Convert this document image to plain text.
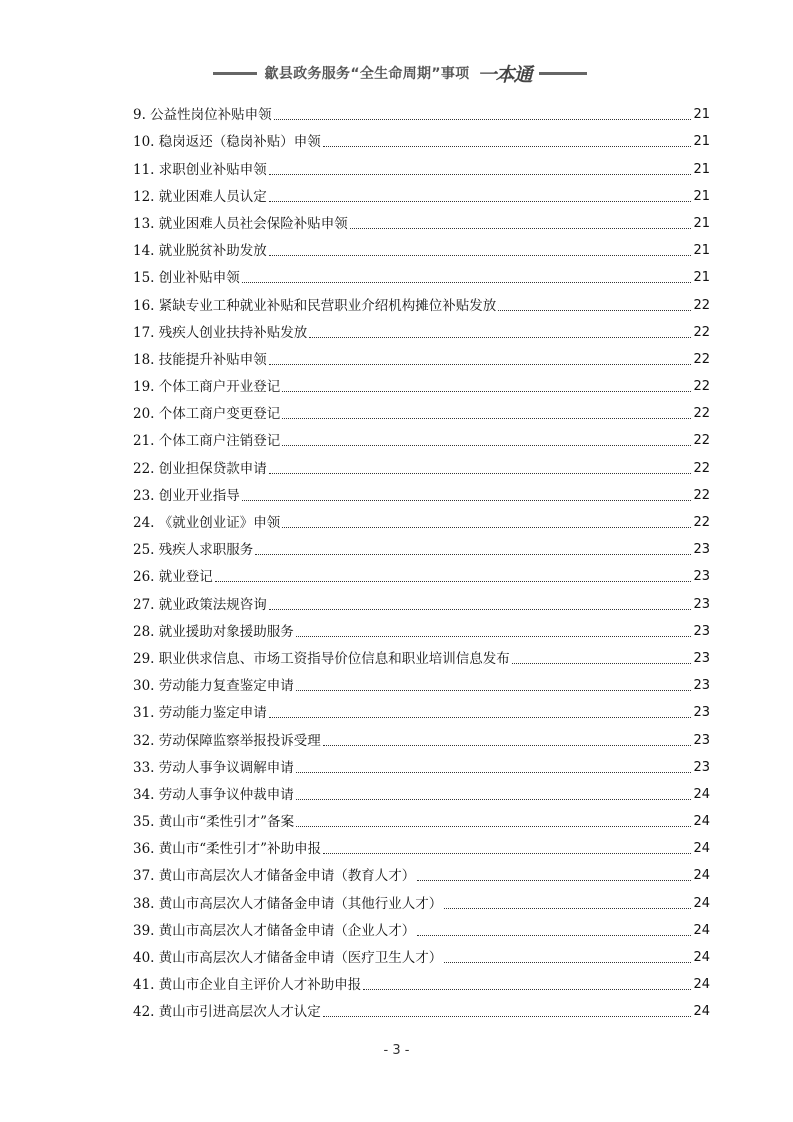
歙县政务服务“全生命周期”事项 一本通
9. 公益性岗位补贴申领	21
10. 稳岗返还（稳岗补贴）申领	21
11. 求职创业补贴申领	21
12. 就业困难人员认定	21
13. 就业困难人员社会保险补贴申领	21
14. 就业脱贫补助发放	21
15. 创业补贴申领	21
16. 紧缺专业工种就业补贴和民营职业介绍机构摊位补贴发放	22
17. 残疾人创业扶持补贴发放	22
18. 技能提升补贴申领	22
19. 个体工商户开业登记	22
20. 个体工商户变更登记	22
21. 个体工商户注销登记	22
22. 创业担保贷款申请	22
23. 创业开业指导	22
24. 《就业创业证》申领	22
25. 残疾人求职服务	23
26. 就业登记	23
27. 就业政策法规咨询	23
28. 就业援助对象援助服务	23
29. 职业供求信息、市场工资指导价位信息和职业培训信息发布	23
30. 劳动能力复查鉴定申请	23
31. 劳动能力鉴定申请	23
32. 劳动保障监察举报投诉受理	23
33. 劳动人事争议调解申请	23
34. 劳动人事争议仲裁申请	24
35. 黄山市“柔性引才”备案	24
36. 黄山市“柔性引才”补助申报	24
37. 黄山市高层次人才储备金申请（教育人才）	24
38. 黄山市高层次人才储备金申请（其他行业人才）	24
39. 黄山市高层次人才储备金申请（企业人才）	24
40. 黄山市高层次人才储备金申请（医疗卫生人才）	24
41. 黄山市企业自主评价人才补助申报	24
42. 黄山市引进高层次人才认定	24
- 3 -
